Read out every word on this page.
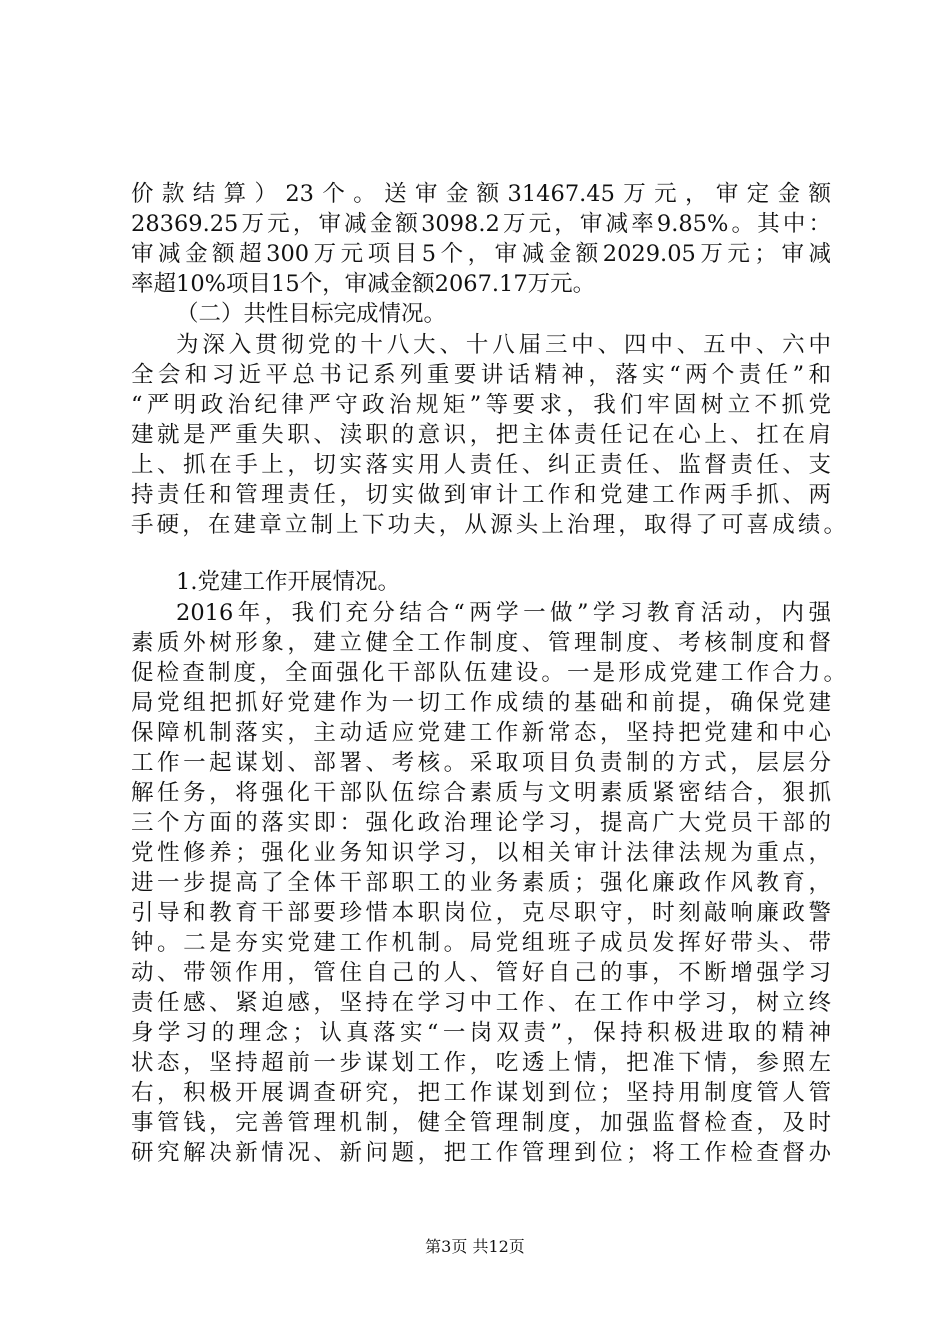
价款结算）23个。送审金额31467.45万元，审定金额
28369.25万元，审减金额3098.2万元，审减率9.85%。其中：
审减金额超300万元项目5个，审减金额2029.05万元；审减
率超10%项目15个，审减金额2067.17万元。
（二）共性目标完成情况。
为深入贯彻党的十八大、十八届三中、四中、五中、六中
全会和习近平总书记系列重要讲话精神，落实“两个责任”和
“严明政治纪律严守政治规矩”等要求，我们牢固树立不抓党
建就是严重失职、渎职的意识，把主体责任记在心上、扛在肩
上、抓在手上，切实落实用人责任、纠正责任、监督责任、支
持责任和管理责任，切实做到审计工作和党建工作两手抓、两
手硬，在建章立制上下功夫，从源头上治理，取得了可喜成绩。
1.党建工作开展情况。
2016年，我们充分结合“两学一做”学习教育活动，内强
素质外树形象，建立健全工作制度、管理制度、考核制度和督
促检查制度，全面强化干部队伍建设。一是形成党建工作合力。
局党组把抓好党建作为一切工作成绩的基础和前提，确保党建
保障机制落实，主动适应党建工作新常态，坚持把党建和中心
工作一起谋划、部署、考核。采取项目负责制的方式，层层分
解任务，将强化干部队伍综合素质与文明素质紧密结合，狠抓
三个方面的落实即：强化政治理论学习，提高广大党员干部的
党性修养；强化业务知识学习，以相关审计法律法规为重点，
进一步提高了全体干部职工的业务素质；强化廉政作风教育，
引导和教育干部要珍惜本职岗位，克尽职守，时刻敲响廉政警
钟。二是夯实党建工作机制。局党组班子成员发挥好带头、带
动、带领作用，管住自己的人、管好自己的事，不断增强学习
责任感、紧迫感，坚持在学习中工作、在工作中学习，树立终
身学习的理念；认真落实“一岗双责”，保持积极进取的精神
状态，坚持超前一步谋划工作，吃透上情，把准下情，参照左
右，积极开展调查研究，把工作谋划到位；坚持用制度管人管
事管钱，完善管理机制，健全管理制度，加强监督检查，及时
研究解决新情况、新问题，把工作管理到位；将工作检查督办
第3页 共12页
